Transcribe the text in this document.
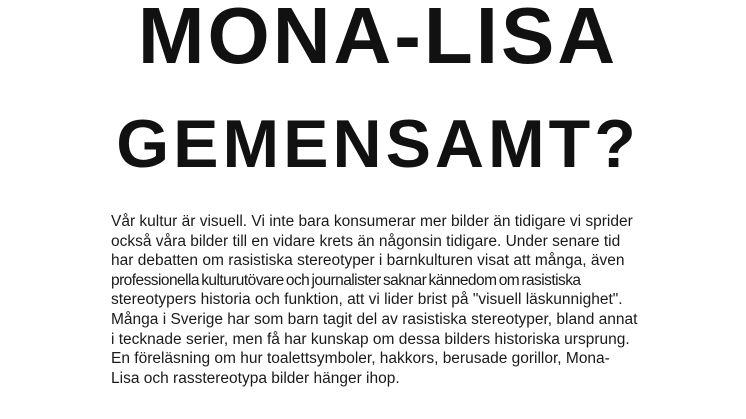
MONA-LISA
GEMENSAMT?
Vår kultur är visuell. Vi inte bara konsumerar mer bilder än tidigare vi sprider
också våra bilder till en vidare krets än någonsin tidigare. Under senare tid
har debatten om rasistiska stereotyper i barnkulturen visat att många, även
professionella kulturutövare och journalister saknar kännedom om rasistiska
stereotypers historia och funktion, att vi lider brist på "visuell läskunnighet".
Många i Sverige har som barn tagit del av rasistiska stereotyper, bland annat
i tecknade serier, men få har kunskap om dessa bilders historiska ursprung.
En föreläsning om hur toalettsymboler, hakkors, berusade gorillor, Mona-
Lisa och rasstereotypa bilder hänger ihop.
